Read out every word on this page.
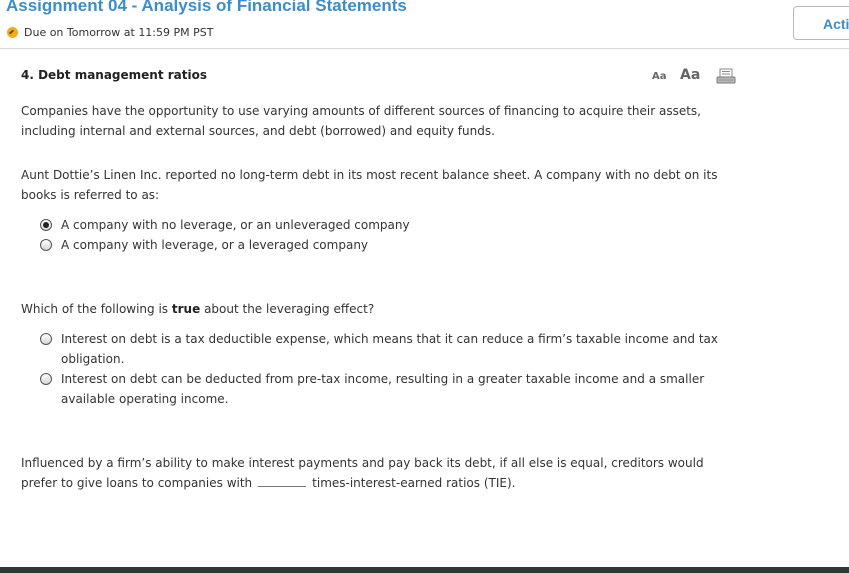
Assignment 04 - Analysis of Financial Statements
Due on Tomorrow at 11:59 PM PST	Acti
4. Debt management ratios	Aa Aa
Companies have the opportunity to use varying amounts of different sources of financing to acquire their assets, including internal and external sources, and debt (borrowed) and equity funds.
Aunt Dottie’s Linen Inc. reported no long-term debt in its most recent balance sheet. A company with no debt on its books is referred to as:
A company with no leverage, or an unleveraged company
A company with leverage, or a leveraged company
Which of the following is true about the leveraging effect?
Interest on debt is a tax deductible expense, which means that it can reduce a firm’s taxable income and tax obligation.
Interest on debt can be deducted from pre-tax income, resulting in a greater taxable income and a smaller available operating income.
Influenced by a firm’s ability to make interest payments and pay back its debt, if all else is equal, creditors would prefer to give loans to companies with	times-interest-earned ratios (TIE).
